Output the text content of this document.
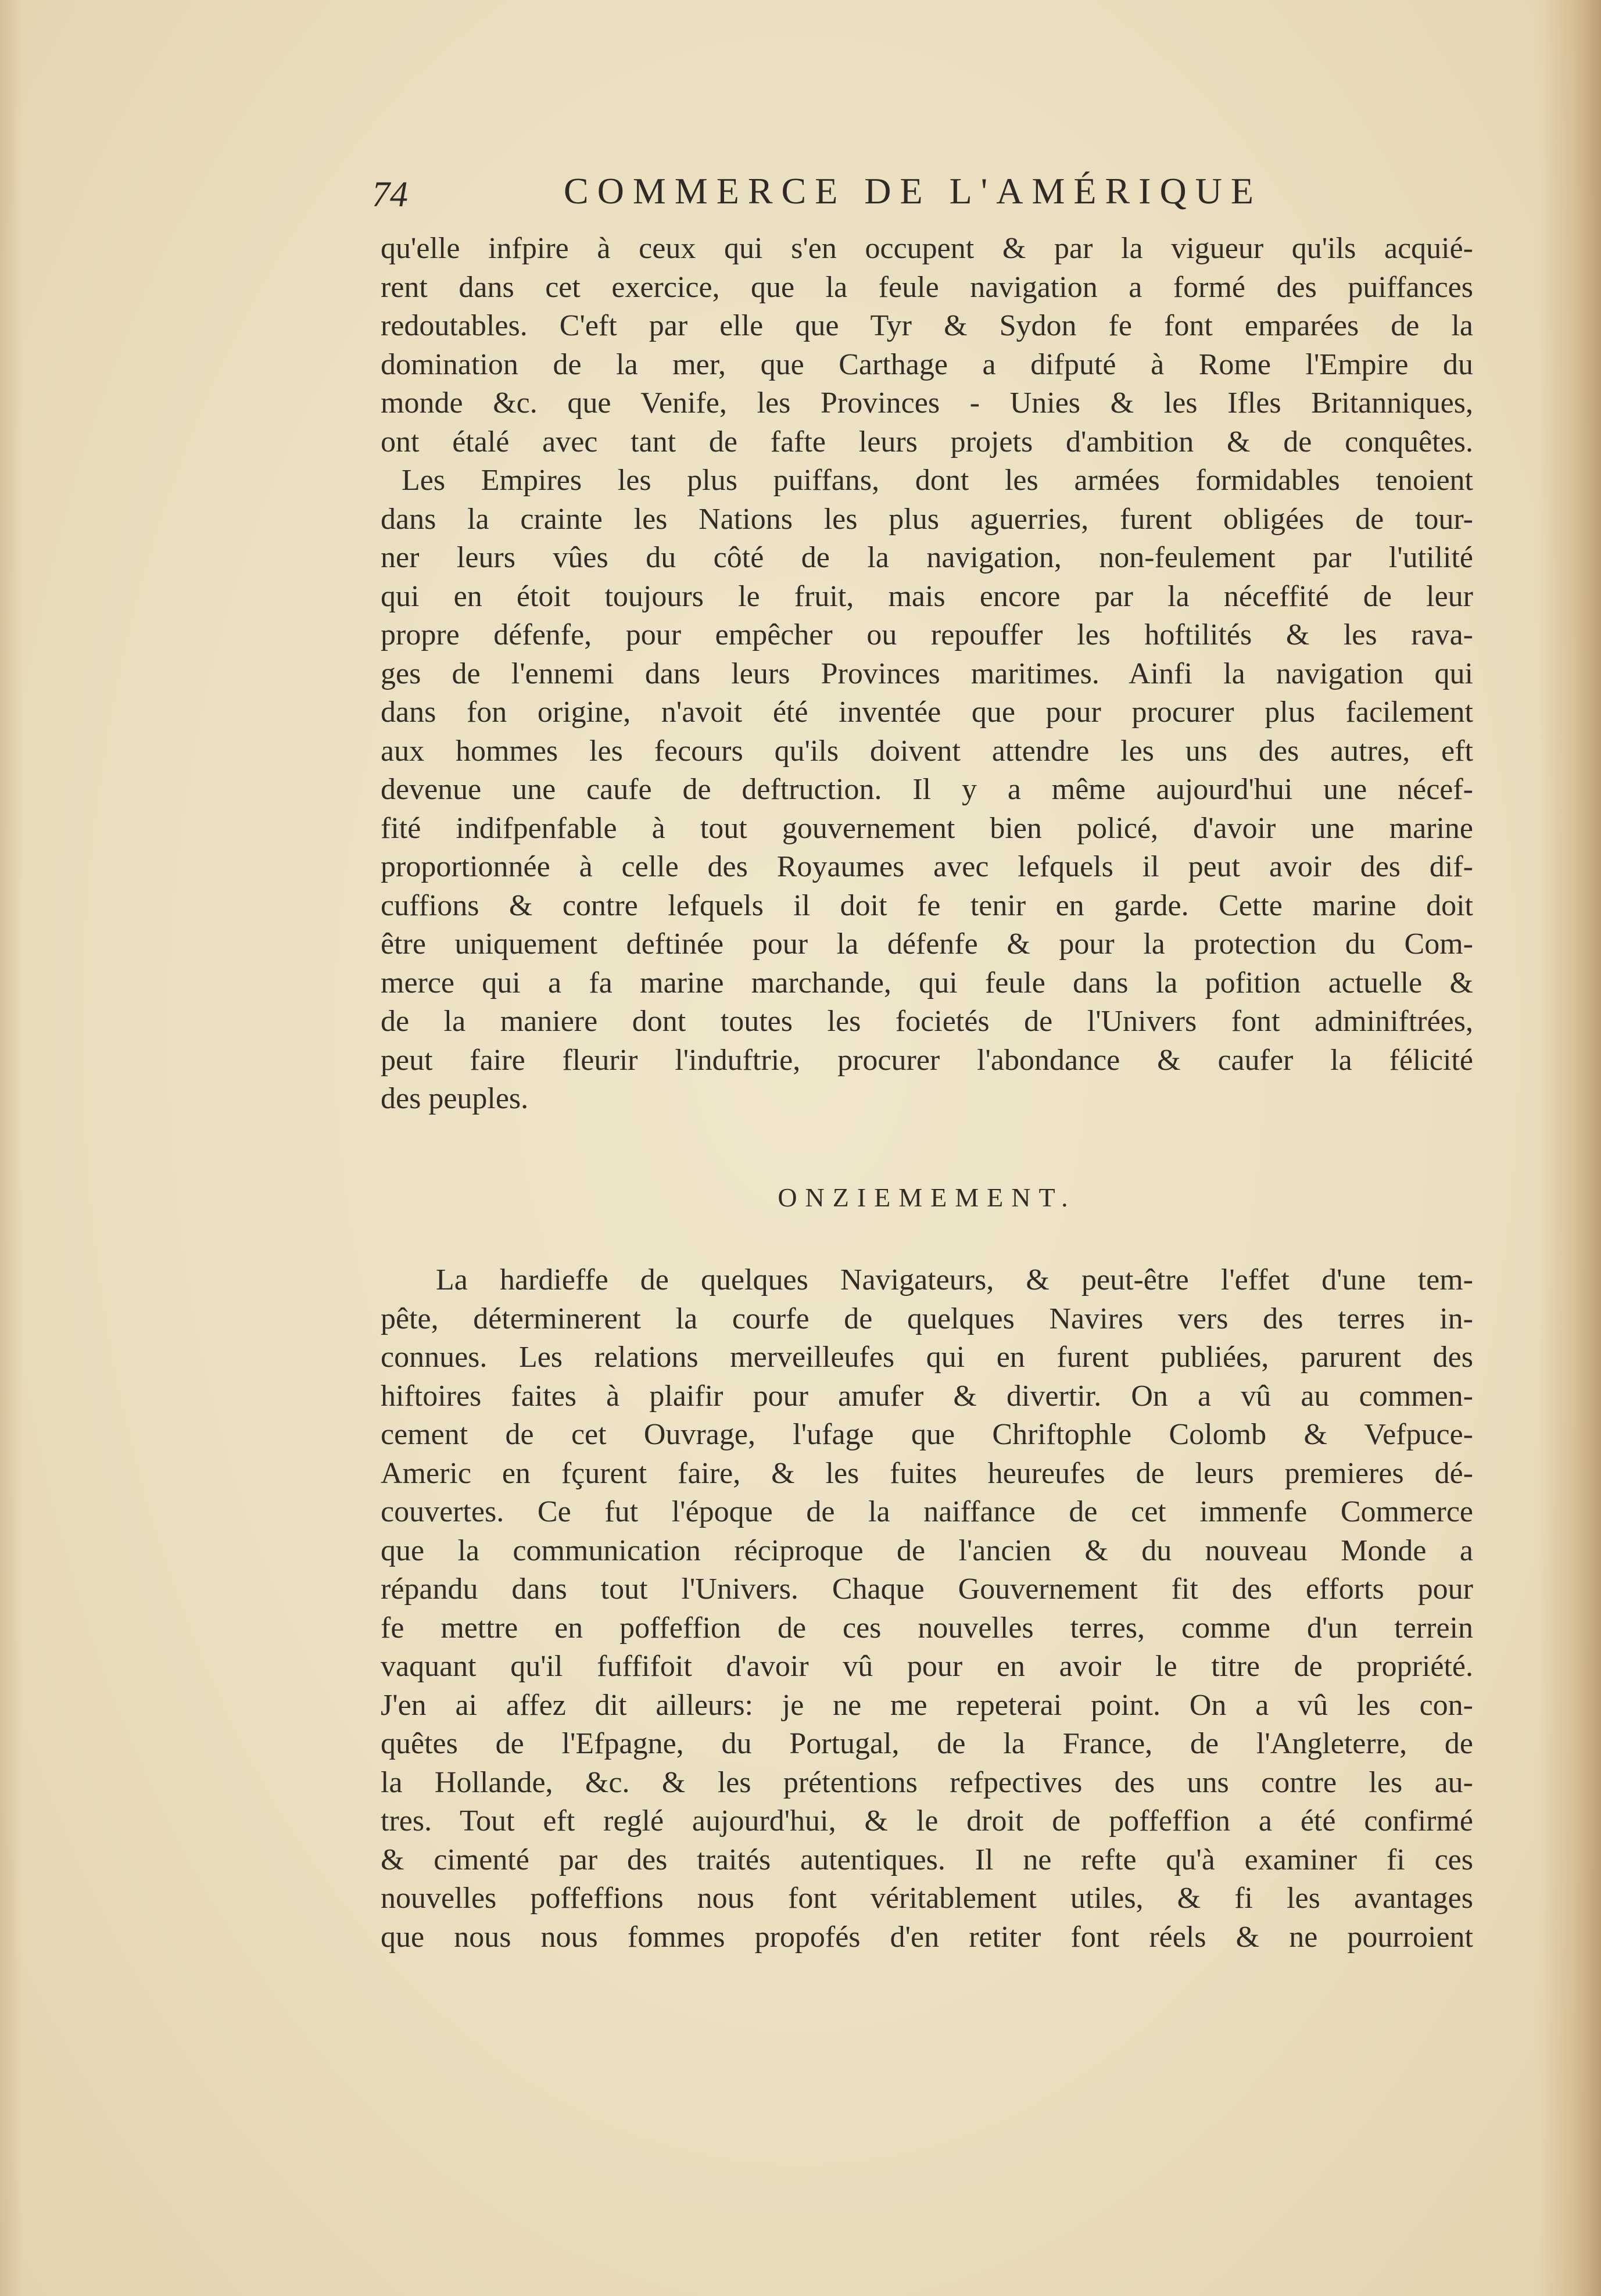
74	COMMERCE DE L'AMÉRIQUE
qu'elle infpire à ceux qui s'en occupent & par la vigueur qu'ils acquié-
rent dans cet exercice, que la feule navigation a formé des puiffances
redoutables. C'eft par elle que Tyr & Sydon fe font emparées de la
domination de la mer, que Carthage a difputé à Rome l'Empire du
monde &c. que Venife, les Provinces - Unies & les Ifles Britanniques,
ont étalé avec tant de fafte leurs projets d'ambition & de conquêtes.
Les Empires les plus puiffans, dont les armées formidables tenoient
dans la crainte les Nations les plus aguerries, furent obligées de tour-
ner leurs vûes du côté de la navigation, non-feulement par l'utilité
qui en étoit toujours le fruit, mais encore par la néceffité de leur
propre défenfe, pour empêcher ou repouffer les hoftilités & les rava-
ges de l'ennemi dans leurs Provinces maritimes. Ainfi la navigation qui
dans fon origine, n'avoit été inventée que pour procurer plus facilement
aux hommes les fecours qu'ils doivent attendre les uns des autres, eft
devenue une caufe de deftruction. Il y a même aujourd'hui une nécef-
fité indifpenfable à tout gouvernement bien policé, d'avoir une marine
proportionnée à celle des Royaumes avec lefquels il peut avoir des dif-
cuffions & contre lefquels il doit fe tenir en garde. Cette marine doit
être uniquement deftinée pour la défenfe & pour la protection du Com-
merce qui a fa marine marchande, qui feule dans la pofition actuelle &
de la maniere dont toutes les focietés de l'Univers font adminiftrées,
peut faire fleurir l'induftrie, procurer l'abondance & caufer la félicité
des peuples.
ONZIEMEMENT.
La hardieffe de quelques Navigateurs, & peut-être l'effet d'une tem-
pête, déterminerent la courfe de quelques Navires vers des terres in-
connues. Les relations merveilleufes qui en furent publiées, parurent des
hiftoires faites à plaifir pour amufer & divertir. On a vû au commen-
cement de cet Ouvrage, l'ufage que Chriftophle Colomb & Vefpuce-
Americ en fçurent faire, & les fuites heureufes de leurs premieres dé-
couvertes. Ce fut l'époque de la naiffance de cet immenfe Commerce
que la communication réciproque de l'ancien & du nouveau Monde a
répandu dans tout l'Univers. Chaque Gouvernement fit des efforts pour
fe mettre en poffeffion de ces nouvelles terres, comme d'un terrein
vaquant qu'il fuffifoit d'avoir vû pour en avoir le titre de propriété.
J'en ai affez dit ailleurs: je ne me repeterai point. On a vû les con-
quêtes de l'Efpagne, du Portugal, de la France, de l'Angleterre, de
la Hollande, &c. & les prétentions refpectives des uns contre les au-
tres. Tout eft reglé aujourd'hui, & le droit de poffeffion a été confirmé
& cimenté par des traités autentiques. Il ne refte qu'à examiner fi ces
nouvelles poffeffions nous font véritablement utiles, & fi les avantages
que nous nous fommes propofés d'en retiter font réels & ne pourroient
